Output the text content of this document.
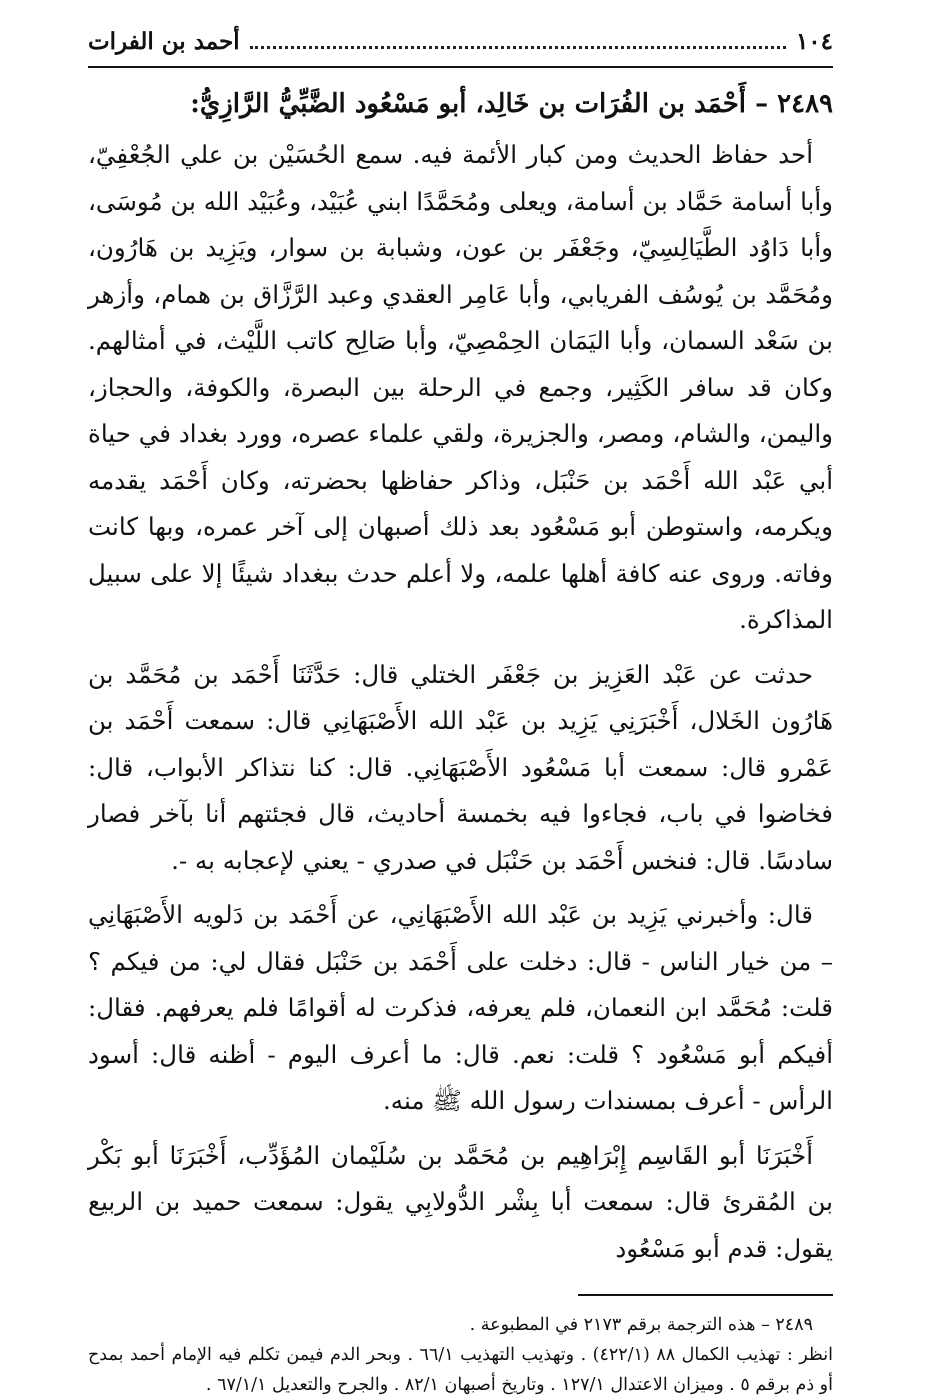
١٠٤
أحمد بن الفرات
٢٤٨٩ – أَحْمَد بن الفُرَات بن خَالِد، أبو مَسْعُود الضَّبِّيُّ الرَّازِيُّ:

أحد حفاظ الحديث ومن كبار الأئمة فيه. سمع الحُسَيْن بن علي الجُعْفِيّ، وأبا أسامة حَمَّاد بن أسامة، ويعلى ومُحَمَّدًا ابني عُبَيْد، وعُبَيْد الله بن مُوسَى، وأبا دَاوُد الطَّيَالِسِيّ، وجَعْفَر بن عون، وشبابة بن سوار، ويَزِيد بن هَارُون، ومُحَمَّد بن يُوسُف الفريابي، وأبا عَامِر العقدي وعبد الرَّزَّاق بن همام، وأزهر بن سَعْد السمان، وأبا اليَمَان الحِمْصِيّ، وأبا صَالِح كاتب اللَّيْث، في أمثالهم. وكان قد سافر الكَثِير، وجمع في الرحلة بين البصرة، والكوفة، والحجاز، واليمن، والشام، ومصر، والجزيرة، ولقي علماء عصره، وورد بغداد في حياة أبي عَبْد الله أَحْمَد بن حَنْبَل، وذاكر حفاظها بحضرته، وكان أَحْمَد يقدمه ويكرمه، واستوطن أبو مَسْعُود بعد ذلك أصبهان إلى آخر عمره، وبها كانت وفاته. وروى عنه كافة أهلها علمه، ولا أعلم حدث ببغداد شيئًا إلا على سبيل المذاكرة.

حدثت عن عَبْد العَزِيز بن جَعْفَر الختلي قال: حَدَّثَنَا أَحْمَد بن مُحَمَّد بن هَارُون الخَلال، أَخْبَرَنِي يَزِيد بن عَبْد الله الأَصْبَهَانِي قال: سمعت أَحْمَد بن عَمْرو قال: سمعت أبا مَسْعُود الأَصْبَهَانِي. قال: كنا نتذاكر الأبواب، قال: فخاضوا في باب، فجاءوا فيه بخمسة أحاديث، قال فجئتهم أنا بآخر فصار سادسًا. قال: فنخس أَحْمَد بن حَنْبَل في صدري - يعني لإعجابه به -.

قال: وأخبرني يَزِيد بن عَبْد الله الأَصْبَهَانِي، عن أَحْمَد بن دَلويه الأَصْبَهَانِي – من خيار الناس - قال: دخلت على أَحْمَد بن حَنْبَل فقال لي: من فيكم ؟ قلت: مُحَمَّد ابن النعمان، فلم يعرفه، فذكرت له أقوامًا فلم يعرفهم. فقال: أفيكم أبو مَسْعُود ؟ قلت: نعم. قال: ما أعرف اليوم - أظنه قال: أسود الرأس - أعرف بمسندات رسول الله ﷺ منه.

أَخْبَرَنَا أبو القَاسِم إِبْرَاهِيم بن مُحَمَّد بن سُلَيْمان المُؤَدِّب، أَخْبَرَنَا أبو بَكْر بن المُقرئ قال: سمعت أبا بِشْر الدُّولابِي يقول: سمعت حميد بن الربيع يقول: قدم أبو مَسْعُود

٢٤٨٩ – هذه الترجمة برقم ٢١٧٣ في المطبوعة .

انظر : تهذيب الكمال ٨٨ (٤٢٢/١) . وتهذيب التهذيب ٦٦/١ . وبحر الدم فيمن تكلم فيه الإمام أحمد بمدح أو ذم برقم ٥ . وميزان الاعتدال ١٢٧/١ . وتاريخ أصبهان ٨٢/١ . والجرح والتعديل ٦٧/١/١ .
